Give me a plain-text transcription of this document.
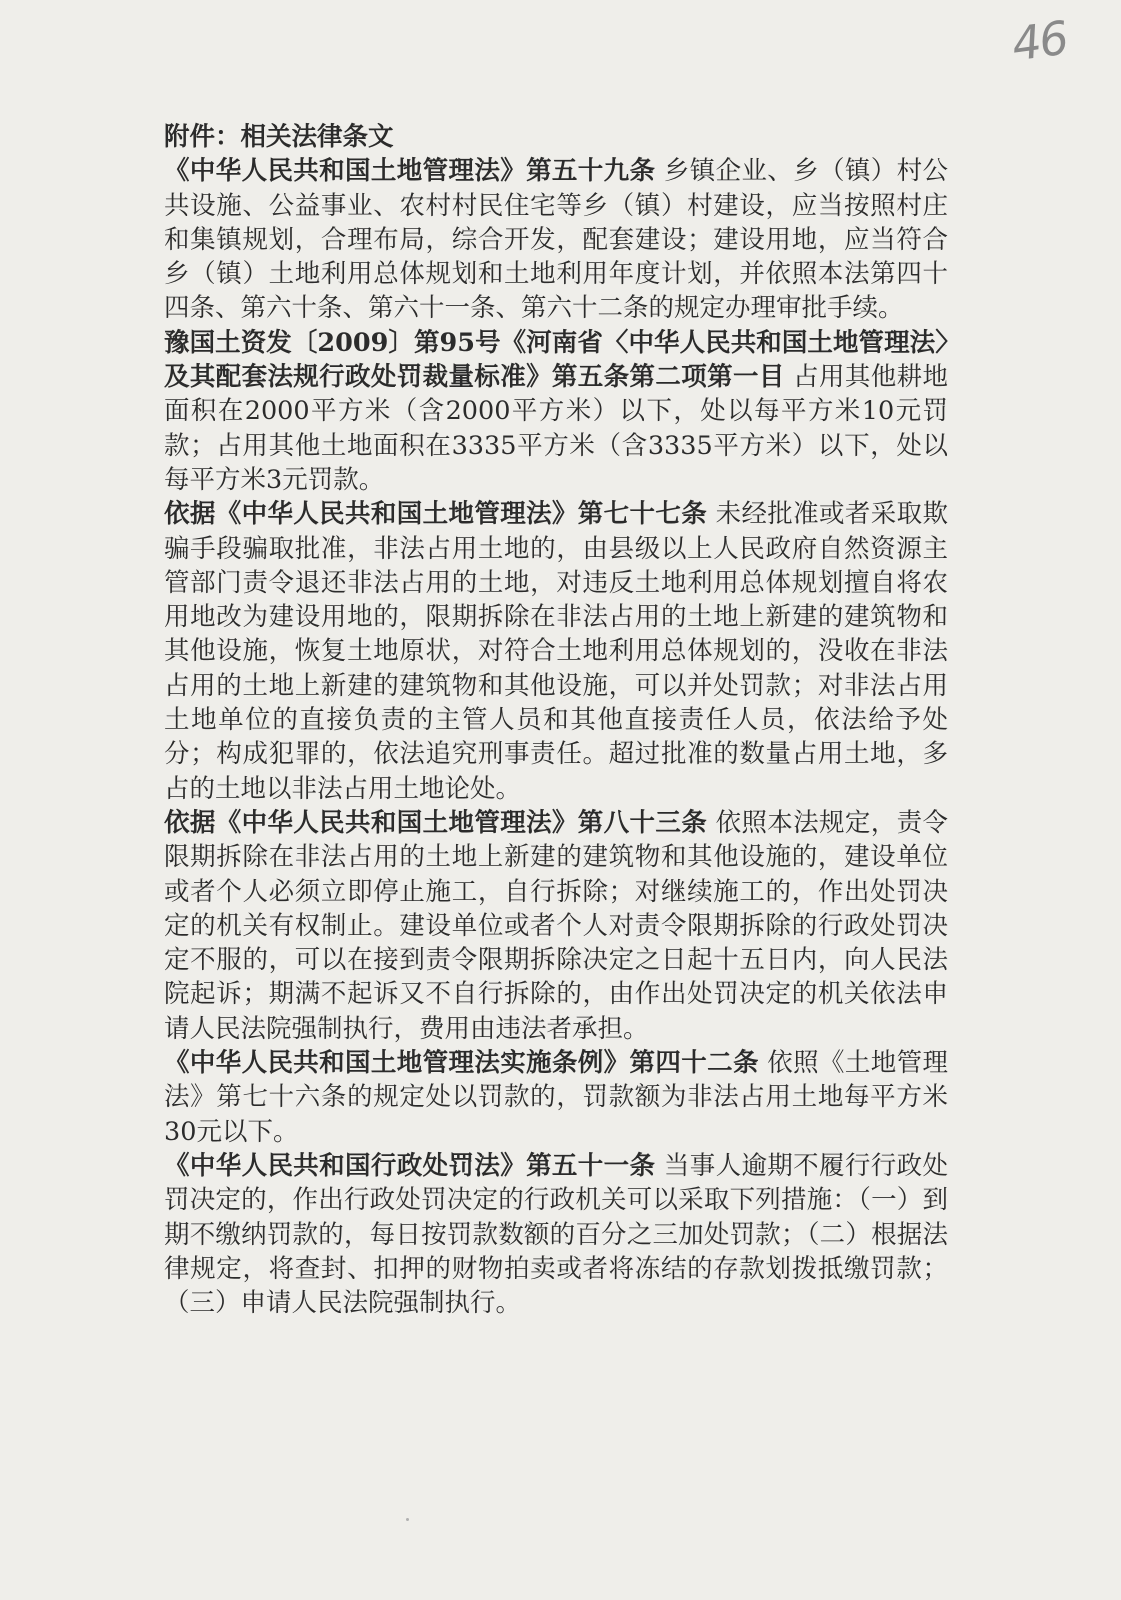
46

附件：相关法律条文

《中华人民共和国土地管理法》第五十九条 乡镇企业、乡（镇）村公共设施、公益事业、农村村民住宅等乡（镇）村建设，应当按照村庄和集镇规划，合理布局，综合开发，配套建设；建设用地，应当符合乡（镇）土地利用总体规划和土地利用年度计划，并依照本法第四十四条、第六十条、第六十一条、第六十二条的规定办理审批手续。

豫国土资发〔2009〕第95号《河南省〈中华人民共和国土地管理法〉及其配套法规行政处罚裁量标准》第五条第二项第一目 占用其他耕地面积在2000平方米（含2000平方米）以下，处以每平方米10元罚款；占用其他土地面积在3335平方米（含3335平方米）以下，处以每平方米3元罚款。

依据《中华人民共和国土地管理法》第七十七条 未经批准或者采取欺骗手段骗取批准，非法占用土地的，由县级以上人民政府自然资源主管部门责令退还非法占用的土地，对违反土地利用总体规划擅自将农用地改为建设用地的，限期拆除在非法占用的土地上新建的建筑物和其他设施，恢复土地原状，对符合土地利用总体规划的，没收在非法占用的土地上新建的建筑物和其他设施，可以并处罚款；对非法占用土地单位的直接负责的主管人员和其他直接责任人员，依法给予处分；构成犯罪的，依法追究刑事责任。超过批准的数量占用土地，多占的土地以非法占用土地论处。

依据《中华人民共和国土地管理法》第八十三条 依照本法规定，责令限期拆除在非法占用的土地上新建的建筑物和其他设施的，建设单位或者个人必须立即停止施工，自行拆除；对继续施工的，作出处罚决定的机关有权制止。建设单位或者个人对责令限期拆除的行政处罚决定不服的，可以在接到责令限期拆除决定之日起十五日内，向人民法院起诉；期满不起诉又不自行拆除的，由作出处罚决定的机关依法申请人民法院强制执行，费用由违法者承担。

《中华人民共和国土地管理法实施条例》第四十二条 依照《土地管理法》第七十六条的规定处以罚款的，罚款额为非法占用土地每平方米30元以下。

《中华人民共和国行政处罚法》第五十一条 当事人逾期不履行行政处罚决定的，作出行政处罚决定的行政机关可以采取下列措施：（一）到期不缴纳罚款的，每日按罚款数额的百分之三加处罚款；（二）根据法律规定，将查封、扣押的财物拍卖或者将冻结的存款划拨抵缴罚款；（三）申请人民法院强制执行。
